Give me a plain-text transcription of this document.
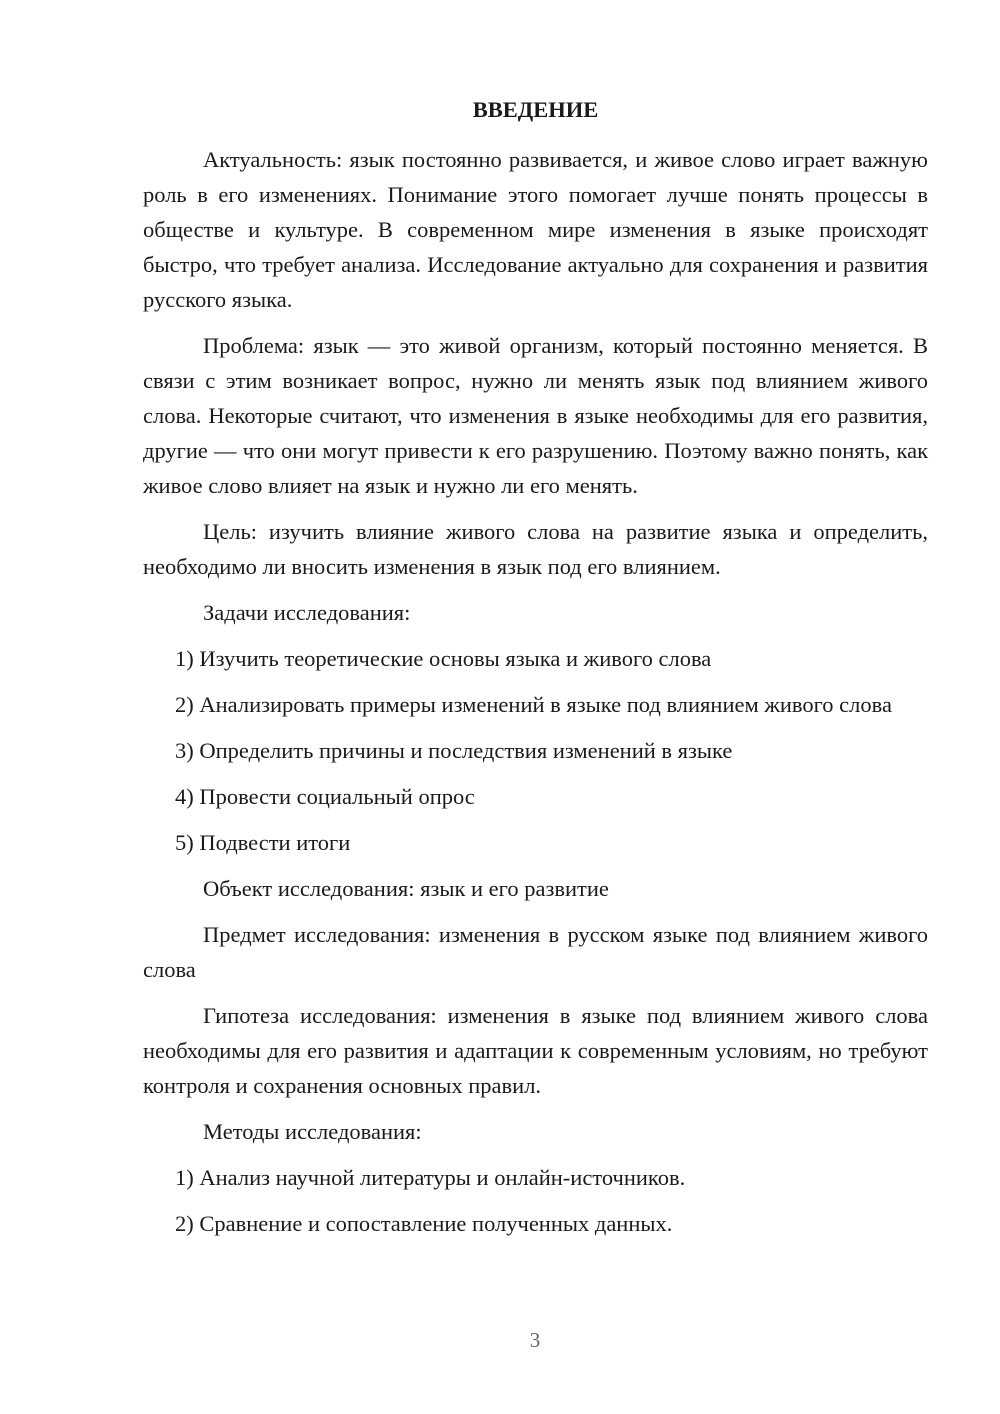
ВВЕДЕНИЕ

Актуальность: язык постоянно развивается, и живое слово играет важную роль в его изменениях. Понимание этого помогает лучше понять процессы в обществе и культуре. В современном мире изменения в языке происходят быстро, что требует анализа. Исследование актуально для сохранения и развития русского языка.

Проблема: язык — это живой организм, который постоянно меняется. В связи с этим возникает вопрос, нужно ли менять язык под влиянием живого слова. Некоторые считают, что изменения в языке необходимы для его развития, другие — что они могут привести к его разрушению. Поэтому важно понять, как живое слово влияет на язык и нужно ли его менять.

Цель: изучить влияние живого слова на развитие языка и определить, необходимо ли вносить изменения в язык под его влиянием.

Задачи исследования:

1) Изучить теоретические основы языка и живого слова

2) Анализировать примеры изменений в языке под влиянием живого слова

3) Определить причины и последствия изменений в языке

4) Провести социальный опрос

5) Подвести итоги

Объект исследования: язык и его развитие

Предмет исследования: изменения в русском языке под влиянием живого слова

Гипотеза исследования: изменения в языке под влиянием живого слова необходимы для его развития и адаптации к современным условиям, но требуют контроля и сохранения основных правил.

Методы исследования:

1) Анализ научной литературы и онлайн-источников.

2) Сравнение и сопоставление полученных данных.

3
